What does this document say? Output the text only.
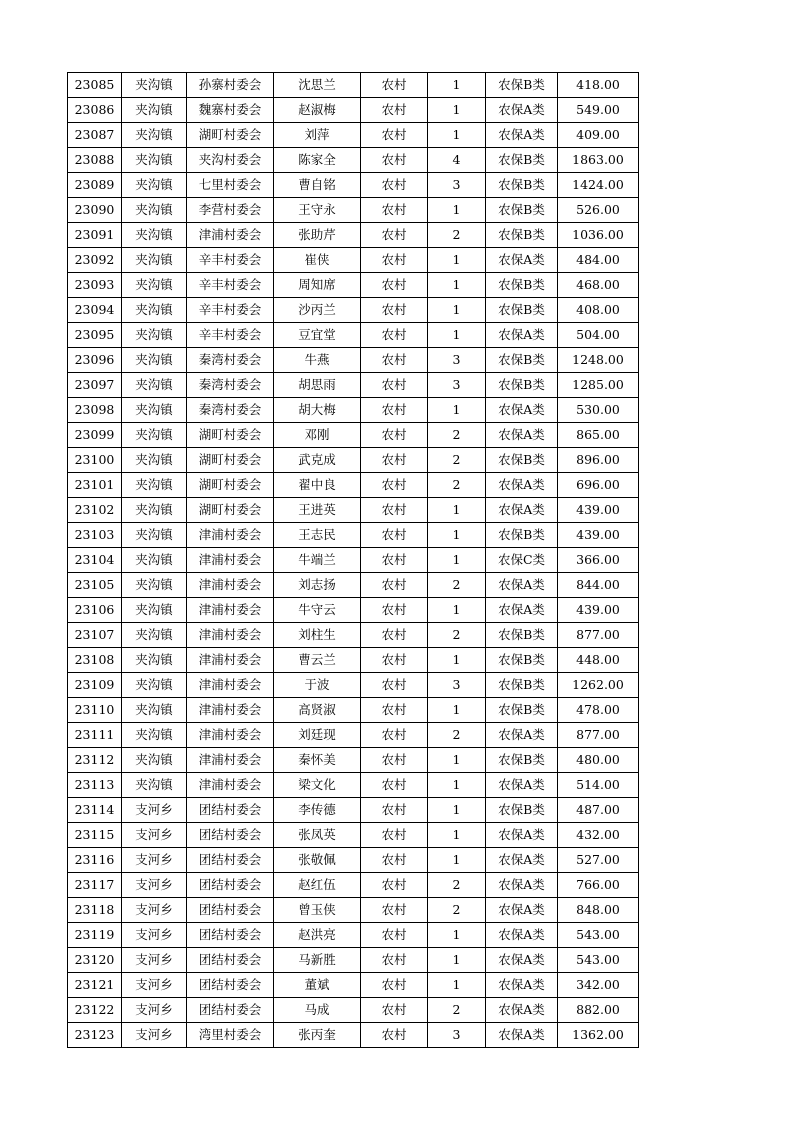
23085	夹沟镇	孙寨村委会	沈思兰	农村	1	农保B类	418.00
23086	夹沟镇	魏寨村委会	赵淑梅	农村	1	农保A类	549.00
23087	夹沟镇	湖町村委会	刘萍	农村	1	农保A类	409.00
23088	夹沟镇	夹沟村委会	陈家全	农村	4	农保B类	1863.00
23089	夹沟镇	七里村委会	曹自铭	农村	3	农保B类	1424.00
23090	夹沟镇	李营村委会	王守永	农村	1	农保B类	526.00
23091	夹沟镇	津浦村委会	张助芹	农村	2	农保B类	1036.00
23092	夹沟镇	辛丰村委会	崔侠	农村	1	农保A类	484.00
23093	夹沟镇	辛丰村委会	周知席	农村	1	农保B类	468.00
23094	夹沟镇	辛丰村委会	沙丙兰	农村	1	农保B类	408.00
23095	夹沟镇	辛丰村委会	豆宜堂	农村	1	农保A类	504.00
23096	夹沟镇	秦湾村委会	牛燕	农村	3	农保B类	1248.00
23097	夹沟镇	秦湾村委会	胡思雨	农村	3	农保B类	1285.00
23098	夹沟镇	秦湾村委会	胡大梅	农村	1	农保A类	530.00
23099	夹沟镇	湖町村委会	邓刚	农村	2	农保A类	865.00
23100	夹沟镇	湖町村委会	武克成	农村	2	农保B类	896.00
23101	夹沟镇	湖町村委会	翟中良	农村	2	农保A类	696.00
23102	夹沟镇	湖町村委会	王进英	农村	1	农保A类	439.00
23103	夹沟镇	津浦村委会	王志民	农村	1	农保B类	439.00
23104	夹沟镇	津浦村委会	牛端兰	农村	1	农保C类	366.00
23105	夹沟镇	津浦村委会	刘志扬	农村	2	农保A类	844.00
23106	夹沟镇	津浦村委会	牛守云	农村	1	农保A类	439.00
23107	夹沟镇	津浦村委会	刘柱生	农村	2	农保B类	877.00
23108	夹沟镇	津浦村委会	曹云兰	农村	1	农保B类	448.00
23109	夹沟镇	津浦村委会	于波	农村	3	农保B类	1262.00
23110	夹沟镇	津浦村委会	高贤淑	农村	1	农保B类	478.00
23111	夹沟镇	津浦村委会	刘廷现	农村	2	农保A类	877.00
23112	夹沟镇	津浦村委会	秦怀美	农村	1	农保B类	480.00
23113	夹沟镇	津浦村委会	梁文化	农村	1	农保A类	514.00
23114	支河乡	团结村委会	李传德	农村	1	农保B类	487.00
23115	支河乡	团结村委会	张凤英	农村	1	农保A类	432.00
23116	支河乡	团结村委会	张敬佩	农村	1	农保A类	527.00
23117	支河乡	团结村委会	赵红伍	农村	2	农保A类	766.00
23118	支河乡	团结村委会	曾玉侠	农村	2	农保A类	848.00
23119	支河乡	团结村委会	赵洪亮	农村	1	农保A类	543.00
23120	支河乡	团结村委会	马新胜	农村	1	农保A类	543.00
23121	支河乡	团结村委会	董斌	农村	1	农保A类	342.00
23122	支河乡	团结村委会	马成	农村	2	农保A类	882.00
23123	支河乡	湾里村委会	张丙奎	农村	3	农保A类	1362.00
